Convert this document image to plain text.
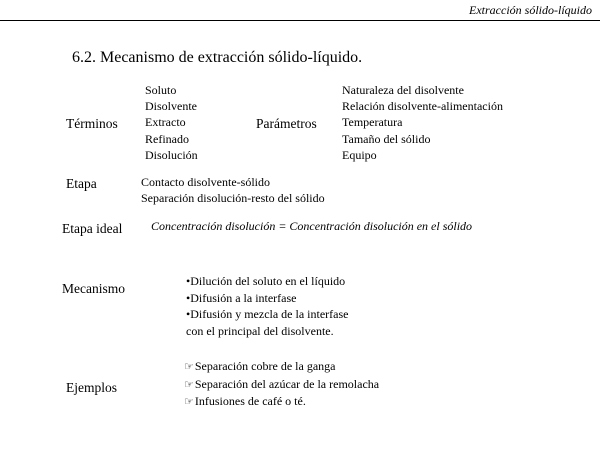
Extracción sólido-líquido
6.2. Mecanismo de extracción sólido-líquido.
Términos
Soluto
Disolvente
Extracto
Refinado
Disolución
Parámetros
Naturaleza del disolvente
Relación disolvente-alimentación
Temperatura
Tamaño del sólido
Equipo
Etapa	Contacto disolvente-sólido
Separación disolución-resto del sólido
Etapa ideal Concentración disolución = Concentración disolución en el sólido
Mecanismo	•Dilución del soluto en el líquido
•Difusión a la interfase
•Difusión y mezcla de la interfase
con el principal del disolvente.
Ejemplos
☞Separación cobre de la ganga
☞Separación del azúcar de la remolacha
☞Infusiones de café o té.
